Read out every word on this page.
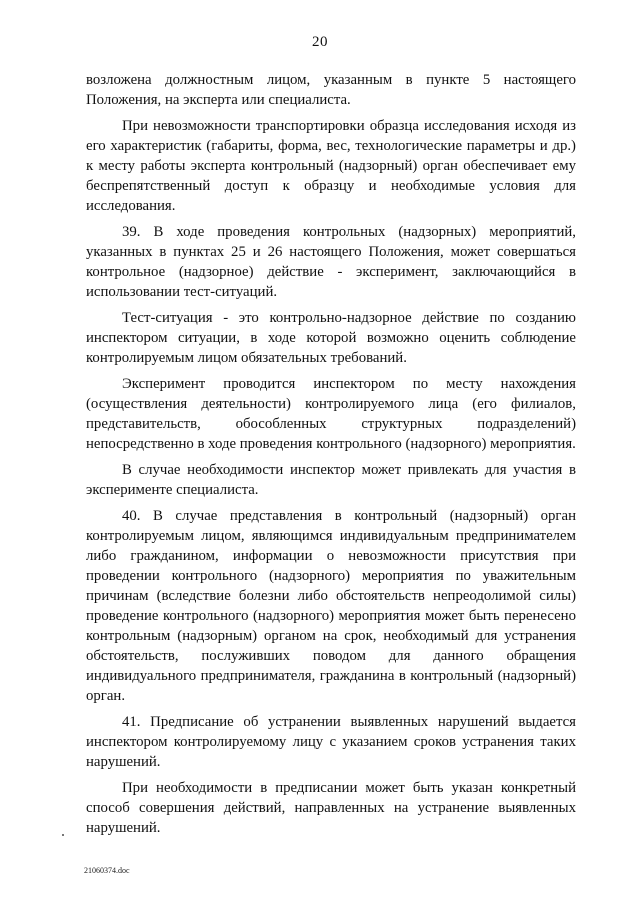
20

возложена должностным лицом, указанным в пункте 5 настоящего Положения, на эксперта или специалиста.

При невозможности транспортировки образца исследования исходя из его характеристик (габариты, форма, вес, технологические параметры и др.) к месту работы эксперта контрольный (надзорный) орган обеспечивает ему беспрепятственный доступ к образцу и необходимые условия для исследования.

39. В ходе проведения контрольных (надзорных) мероприятий, указанных в пунктах 25 и 26 настоящего Положения, может совершаться контрольное (надзорное) действие - эксперимент, заключающийся в использовании тест-ситуаций.

Тест-ситуация - это контрольно-надзорное действие по созданию инспектором ситуации, в ходе которой возможно оценить соблюдение контролируемым лицом обязательных требований.

Эксперимент проводится инспектором по месту нахождения (осуществления деятельности) контролируемого лица (его филиалов, представительств, обособленных структурных подразделений) непосредственно в ходе проведения контрольного (надзорного) мероприятия.

В случае необходимости инспектор может привлекать для участия в эксперименте специалиста.

40. В случае представления в контрольный (надзорный) орган контролируемым лицом, являющимся индивидуальным предпринимателем либо гражданином, информации о невозможности присутствия при проведении контрольного (надзорного) мероприятия по уважительным причинам (вследствие болезни либо обстоятельств непреодолимой силы) проведение контрольного (надзорного) мероприятия может быть перенесено контрольным (надзорным) органом на срок, необходимый для устранения обстоятельств, послуживших поводом для данного обращения индивидуального предпринимателя, гражданина в контрольный (надзорный) орган.

41. Предписание об устранении выявленных нарушений выдается инспектором контролируемому лицу с указанием сроков устранения таких нарушений.

При необходимости в предписании может быть указан конкретный способ совершения действий, направленных на устранение выявленных нарушений.

21060374.doc
